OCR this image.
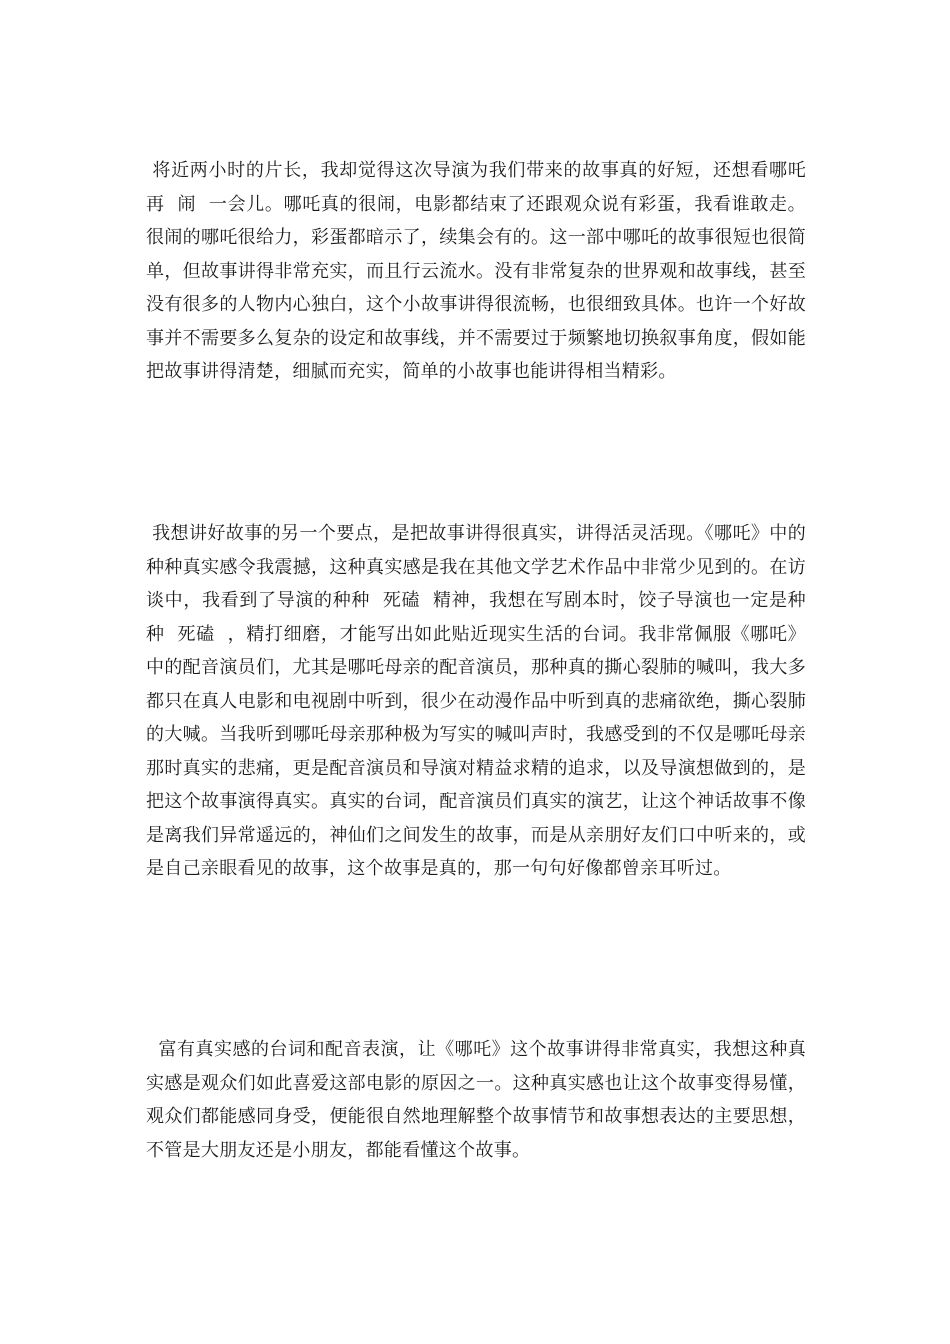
将近两小时的片长，我却觉得这次导演为我们带来的故事真的好短，还想看哪吒再  闹  一会儿。哪吒真的很闹，电影都结束了还跟观众说有彩蛋，我看谁敢走。很闹的哪吒很给力，彩蛋都暗示了，续集会有的。这一部中哪吒的故事很短也很简单，但故事讲得非常充实，而且行云流水。没有非常复杂的世界观和故事线，甚至没有很多的人物内心独白，这个小故事讲得很流畅，也很细致具体。也许一个好故事并不需要多么复杂的设定和故事线，并不需要过于频繁地切换叙事角度，假如能把故事讲得清楚，细腻而充实，简单的小故事也能讲得相当精彩。

我想讲好故事的另一个要点，是把故事讲得很真实，讲得活灵活现。《哪吒》中的种种真实感令我震撼，这种真实感是我在其他文学艺术作品中非常少见到的。在访谈中，我看到了导演的种种  死磕  精神，我想在写剧本时，饺子导演也一定是种种  死磕  ，精打细磨，才能写出如此贴近现实生活的台词。我非常佩服《哪吒》中的配音演员们，尤其是哪吒母亲的配音演员，那种真的撕心裂肺的喊叫，我大多都只在真人电影和电视剧中听到，很少在动漫作品中听到真的悲痛欲绝，撕心裂肺的大喊。当我听到哪吒母亲那种极为写实的喊叫声时，我感受到的不仅是哪吒母亲那时真实的悲痛，更是配音演员和导演对精益求精的追求，以及导演想做到的，是把这个故事演得真实。真实的台词，配音演员们真实的演艺，让这个神话故事不像是离我们异常遥远的，神仙们之间发生的故事，而是从亲朋好友们口中听来的，或是自己亲眼看见的故事，这个故事是真的，那一句句好像都曾亲耳听过。

富有真实感的台词和配音表演，让《哪吒》这个故事讲得非常真实，我想这种真实感是观众们如此喜爱这部电影的原因之一。这种真实感也让这个故事变得易懂，观众们都能感同身受，便能很自然地理解整个故事情节和故事想表达的主要思想，不管是大朋友还是小朋友，都能看懂这个故事。
